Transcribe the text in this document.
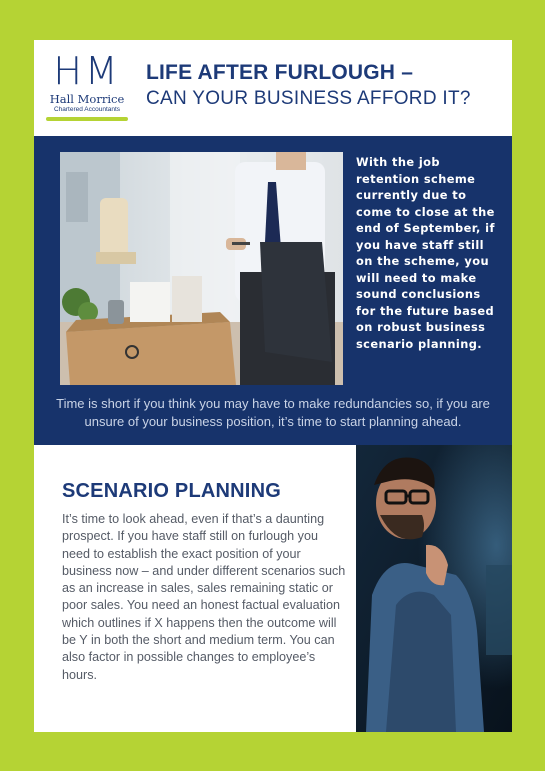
HM
Hall Morrice
Chartered Accountants
LIFE AFTER FURLOUGH –
CAN YOUR BUSINESS AFFORD IT?
With the job retention scheme currently due to come to close at the end of September, if you have staff still on the scheme, you will need to make sound conclusions for the future based on robust business scenario planning.
Time is short if you think you may have to make redundancies so, if you are unsure of your business position, it’s time to start planning ahead.
SCENARIO PLANNING
It’s time to look ahead, even if that’s a daunting prospect. If you have staff still on furlough you need to establish the exact position of your business now – and under different scenarios such as an increase in sales, sales remaining static or poor sales. You need an honest factual evaluation which outlines if X happens then the outcome will be Y in both the short and medium term. You can also factor in possible changes to employee’s hours.
